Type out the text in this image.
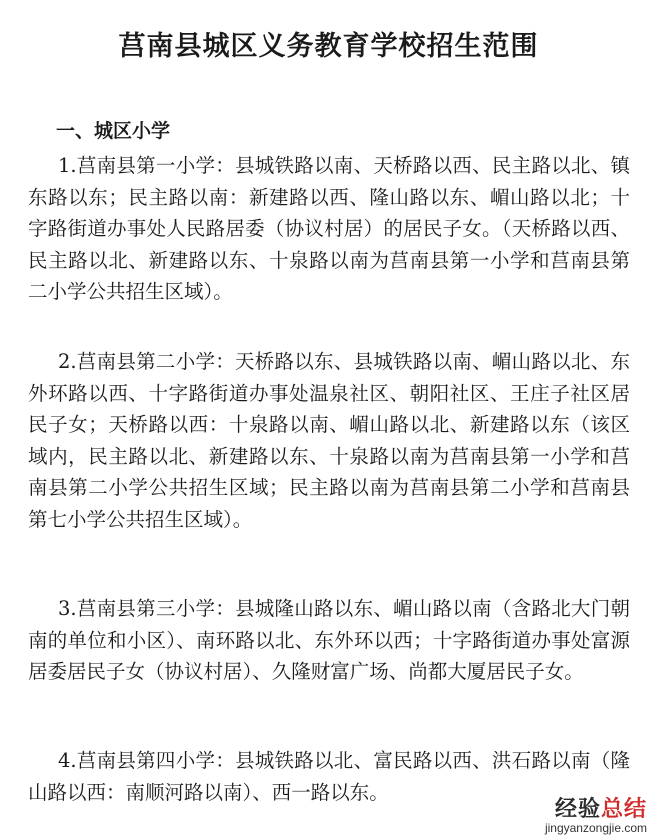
莒南县城区义务教育学校招生范围
一、城区小学

1.莒南县第一小学：县城铁路以南、天桥路以西、民主路以北、镇东路以东；民主路以南：新建路以西、隆山路以东、嵋山路以北；十字路街道办事处人民路居委（协议村居）的居民子女。（天桥路以西、民主路以北、新建路以东、十泉路以南为莒南县第一小学和莒南县第二小学公共招生区域）。

2.莒南县第二小学：天桥路以东、县城铁路以南、嵋山路以北、东外环路以西、十字路街道办事处温泉社区、朝阳社区、王庄子社区居民子女；天桥路以西：十泉路以南、嵋山路以北、新建路以东（该区域内，民主路以北、新建路以东、十泉路以南为莒南县第一小学和莒南县第二小学公共招生区域；民主路以南为莒南县第二小学和莒南县第七小学公共招生区域）。

3.莒南县第三小学：县城隆山路以东、嵋山路以南（含路北大门朝南的单位和小区）、南环路以北、东外环以西；十字路街道办事处富源居委居民子女（协议村居）、久隆财富广场、尚都大厦居民子女。

4.莒南县第四小学：县城铁路以北、富民路以西、洪石路以南（隆山路以西：南顺河路以南）、西一路以东。

经验总结
jingyanzongjie.com
